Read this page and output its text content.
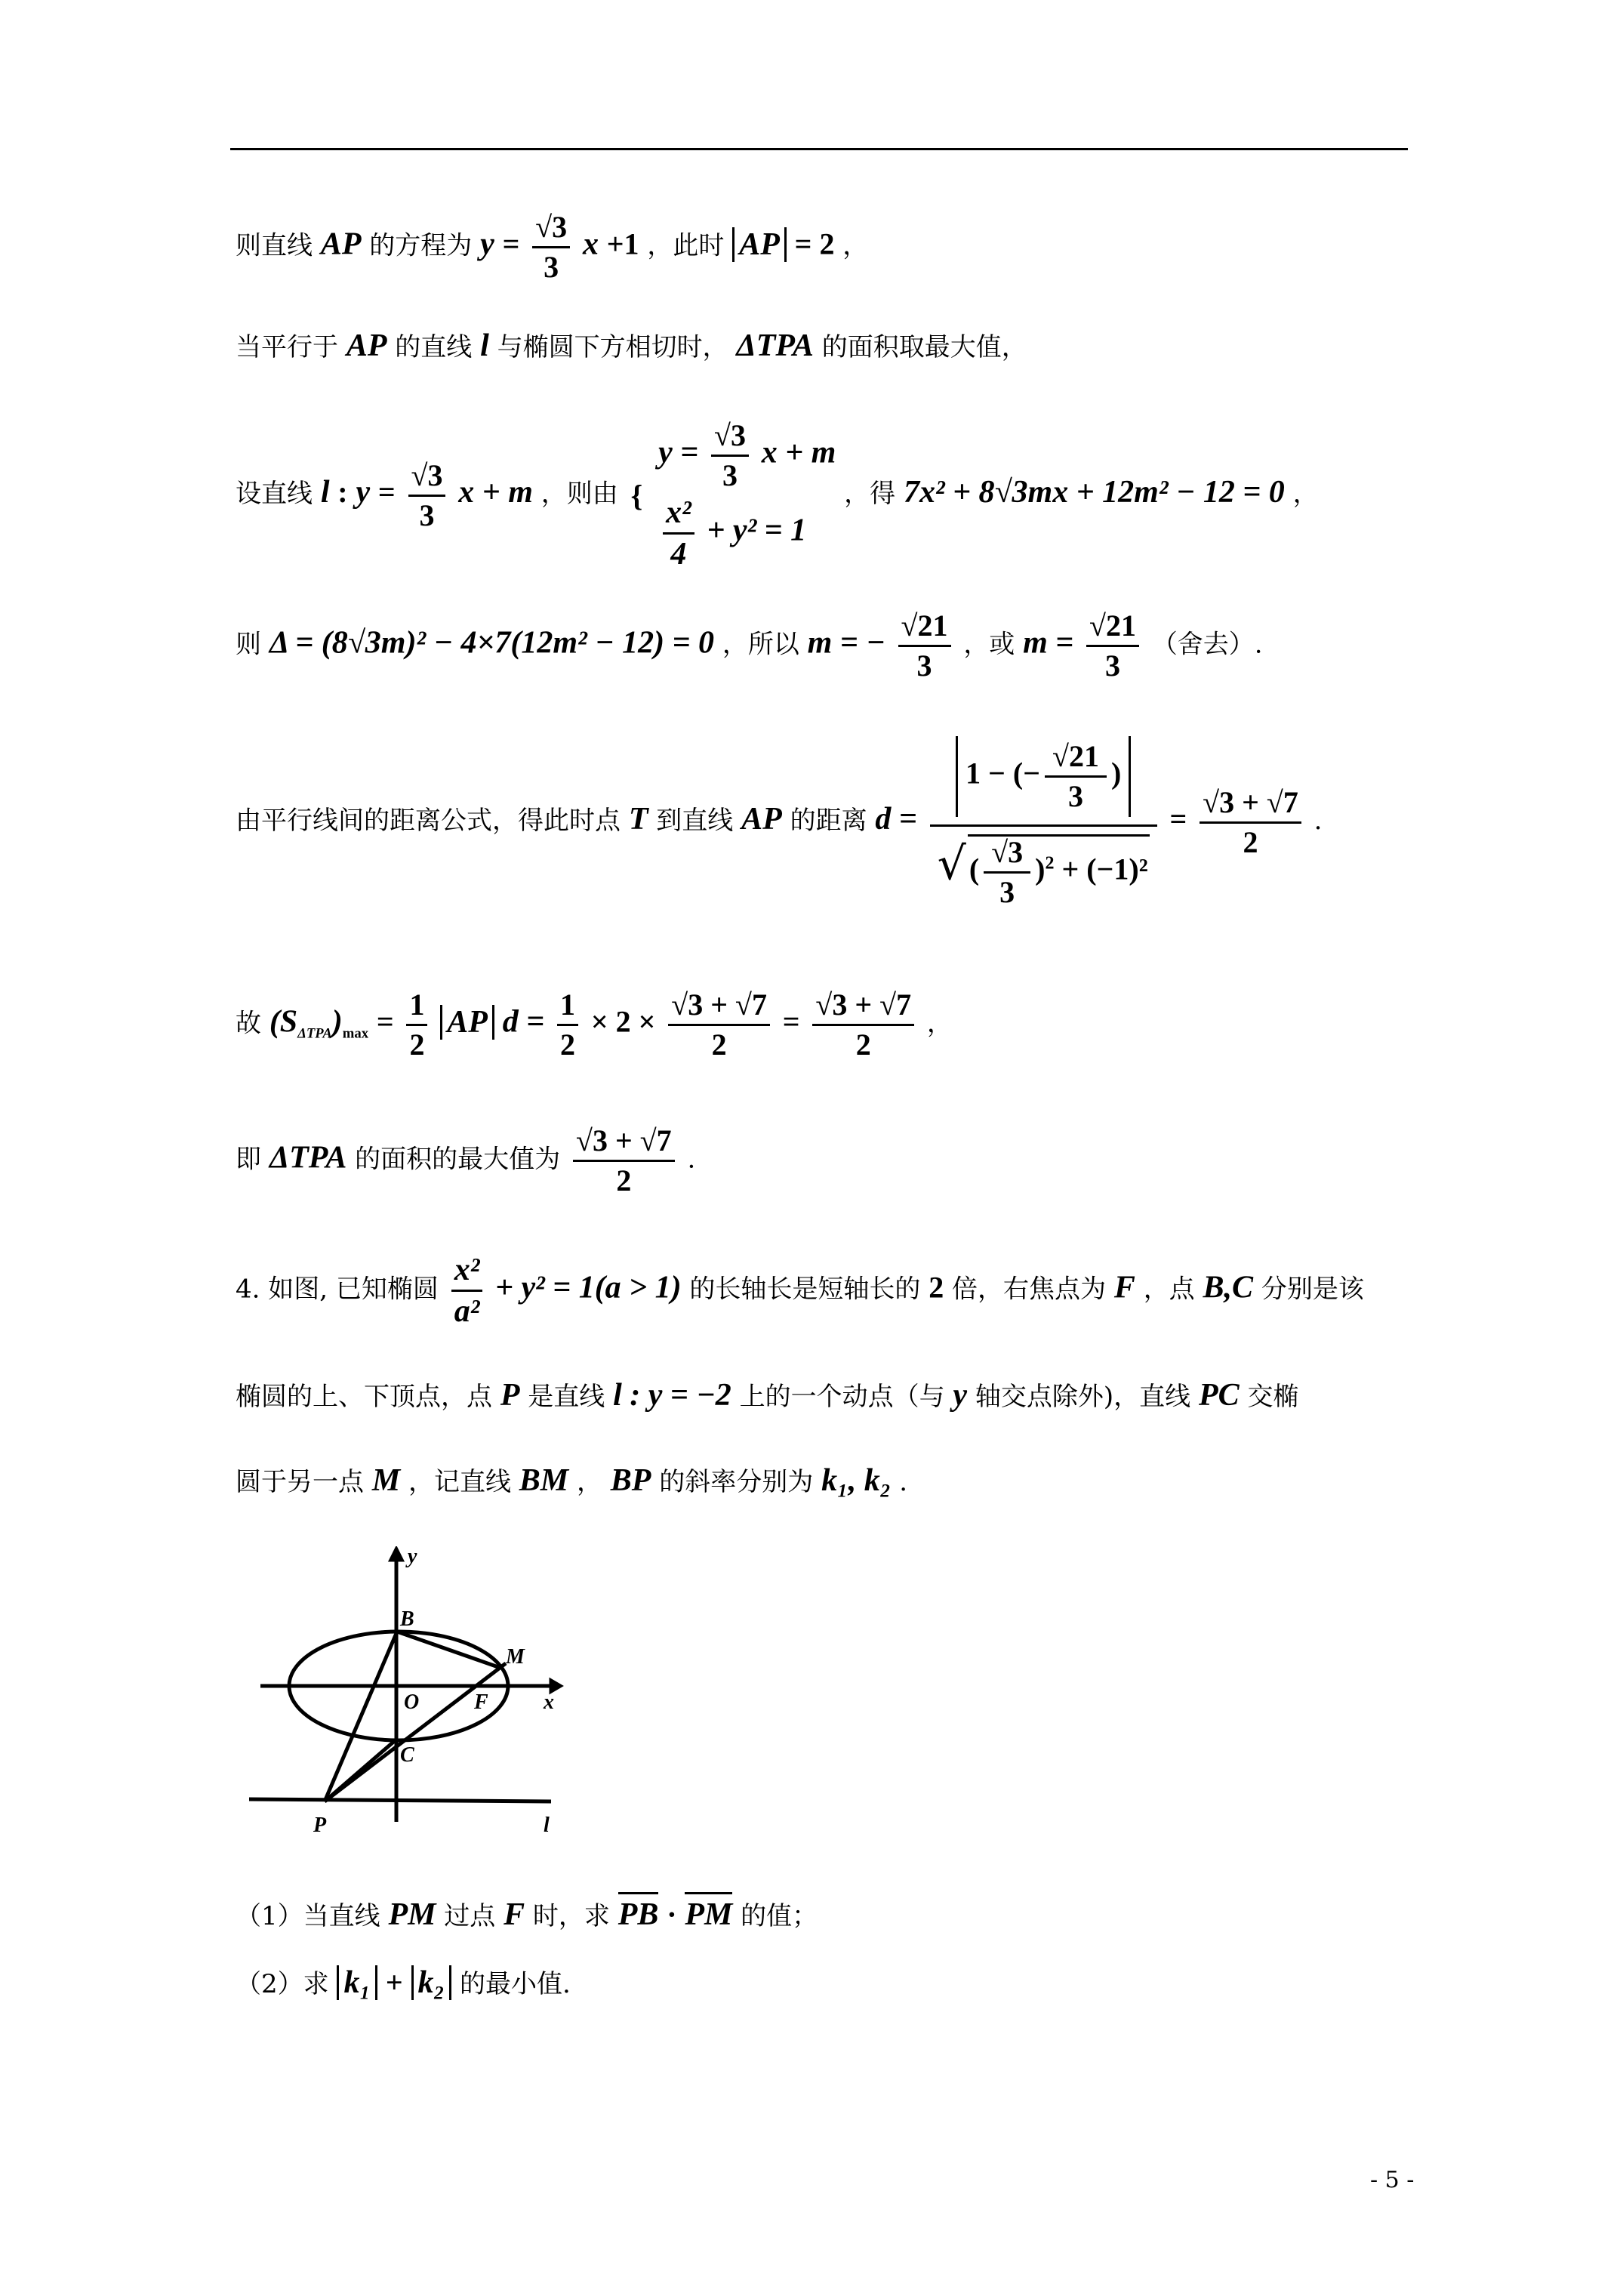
则直线 AP 的方程为 $y = \frac{√3}{3}$ x +1 ，此时 AP = 2 ，
当平行于 AP 的直线 l 与椭圆下方相切时， ΔTPA 的面积取最大值，
设直线 l : $y = \frac{√3}{3}$ x + m ，则由 {
$y = \frac{√3}{3}$ x + m
$\frac{\text{x²}}{4} + y^2 = 1$
，得 7x² + 8√3mx + 12m² − 12 = 0 ，
则 Δ = (8√3m)² − 4×7(12m² − 12) = 0 ，所以 m = − $\frac{√21}{3}$ ，或 $m = \frac{√21}{3}$ （舍去）.
由平行线间的距离公式，得此时点 T 到直线 AP 的距离 d =
1 − (− $\frac{√21}{3}$ )
√ ( $\frac{√3}{3} )^2 + (-1)^2$
= $\frac{√3 + √7}{2}$ .
故 $(S_{\Delta TPA})_{max} = \frac{1}{2}$ AP $d = \frac{1}{2} \times 2 \times \frac{√3 + √7}{2} = \frac{√3 + √7}{2}$ ，
即 ΔTPA 的面积的最大值为 $\frac{√3 + √7}{2}$ .
4. 如图, 已知椭圆 $\frac{\text{x²}}{\text{a²}} + y^2 = 1(a > 1)$ 的长轴长是短轴长的 2 倍，右焦点为 F ，点 B,C 分别是该
椭圆的上、下顶点，点 P 是直线 l : y = −2 上的一个动点（与 y 轴交点除外)，直线 PC 交椭
圆于另一点 M ，记直线 BM ， BP 的斜率分别为 k₁, k₂ .
y
x
B
O	F
M
C
P	l
（1）当直线 PM 过点 F 时，求 PB · PM 的值；
（2）求 k₁ + k₂ 的最小值.
- 5 -
